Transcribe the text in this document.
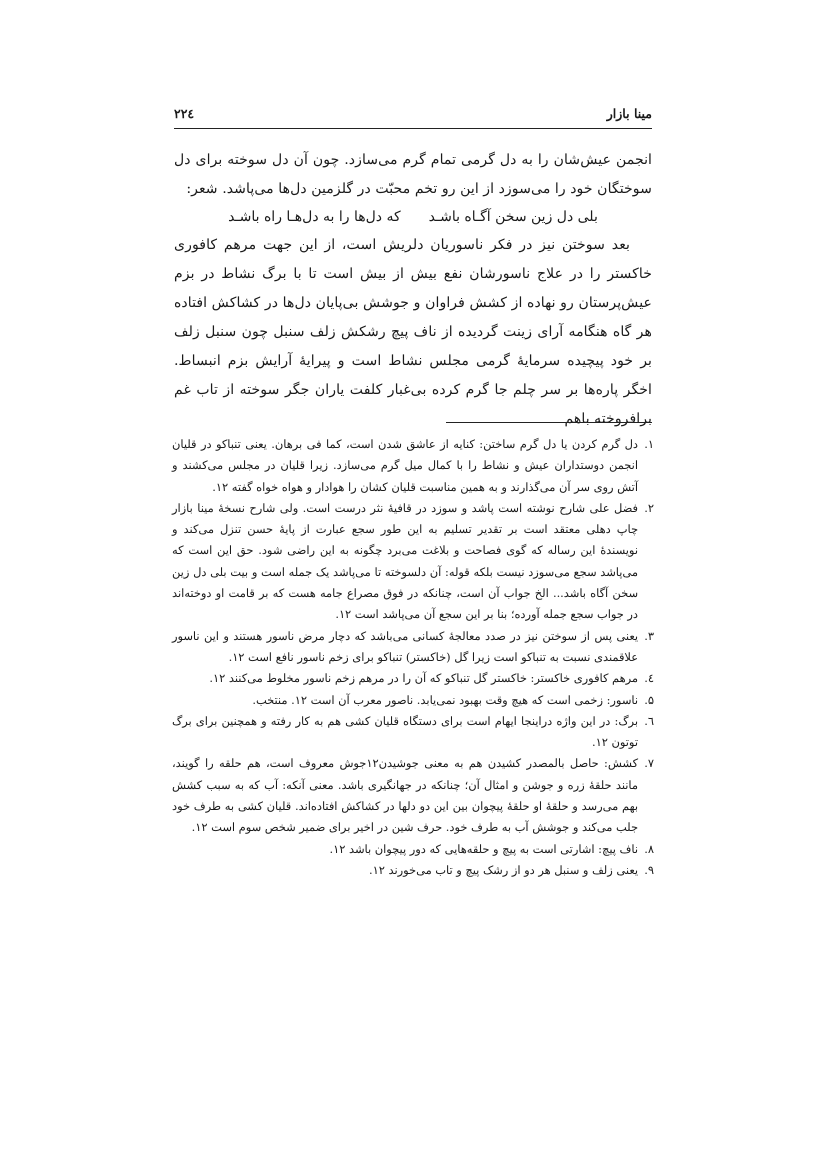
مینا بازار
۲۲٤

انجمن عیش‌شان را به دل گرمی تمام گرم می‌سازد. چون آن دل سوخته برای دل سوختگان خود را می‌سوزد از این رو تخم محبّت در گلزمین دل‌ها می‌پاشد. شعر:

بلی دل زین سخن آگـاه باشـد
که دل‌ها را به دل‌هـا راه باشـد

بعد سوختن نیز در فکر ناسوریان دلریش است، از این جهت مرهم کافوری خاکستر را در علاج ناسورشان نفع بیش از بیش است تا با برگ نشاط در بزم عیش‌پرستان رو نهاده از کشش فراوان و جوشش بی‌پایان دل‌ها در کشاکش افتاده هر گاه هنگامه آرای زینت گردیده از ناف پیچ رشکش زلف سنبل چون سنبل زلف بر خود پیچیده سرمایهٔ گرمی مجلس نشاط است و پیرایهٔ آرایش بزم انبساط. اخگر پاره‌ها بر سر چلم جا گرم کرده بی‌غبار کلفت یاران جگر سوخته از تاب غم برافروخته باهم

۱.
دل گرم کردن یا دل گرم ساختن: کنایه از عاشق شدن است، کما فی برهان. یعنی تنباکو در قلیان انجمن دوستداران عیش و نشاط را با کمال میل گرم می‌سازد. زیرا قلیان در مجلس می‌کشند و آتش روی سر آن می‌گذارند و به همین مناسبت قلیان کشان را هوادار و هواه خواه گفته ۱۲.
۲.
فضل علی شارح نوشته است پاشد و سوزد در قافیهٔ نثر درست است. ولی شارح نسخهٔ مینا بازار چاپ دهلی معتقد است بر تقدیر تسلیم به این طور سجع عبارت از پایهٔ حسن تنزل می‌کند و نویسندهٔ این رساله که گوی فصاحت و بلاغت می‌برد چگونه به این راضی شود. حق این است که می‌پاشد سجع می‌سوزد نیست بلکه قوله: آن دلسوخته تا می‌پاشد یک جمله است و بیت بلی دل زین سخن آگاه باشد... الخ جواب آن است، چنانکه در فوق مصراع جامه هست که بر قامت او دوخته‌اند در جواب سجع جمله آورده؛ بنا بر این سجع آن می‌پاشد است ۱۲.
۳.
یعنی پس از سوختن نیز در صدد معالجهٔ کسانی می‌باشد که دچار مرض ناسور هستند و این ناسور علاقمندی نسبت به تنباکو است زیرا گل (خاکستر) تنباکو برای زخم ناسور نافع است ۱۲.
٤.
مرهم کافوری خاکستر: خاکستر گل تنباکو که آن را در مرهم زخم ناسور مخلوط می‌کنند ۱۲.
۵.
ناسور: زخمی است که هیچ وقت بهبود نمی‌یابد. ناصور معرب آن است ۱۲. منتخب.
٦.
برگ: در این واژه دراینجا ایهام است برای دستگاه قلیان کشی هم به کار رفته و همچنین برای برگ توتون ۱۲.
۷.
کشش: حاصل بالمصدر کشیدن هم به معنی جوشیدن۱۲جوش معروف است، هم حلقه را گویند، مانند حلقهٔ زره و جوشن و امثال آن؛ چنانکه در جهانگیری باشد. معنی آنکه: آب که به سبب کشش بهم می‌رسد و حلقهٔ او حلقهٔ پیچوان بین این دو دلها در کشاکش افتاده‌اند. قلیان کشی به طرف خود جلب می‌کند و جوشش آب به طرف خود. حرف شین در اخیر برای ضمیر شخص سوم است ۱۲.
۸.
ناف پیچ: اشارتی است به پیچ و حلقه‌هایی که دور پیچوان باشد ۱۲.
۹.
یعنی زلف و سنبل هر دو از رشک پیچ و تاب می‌خورند ۱۲.
